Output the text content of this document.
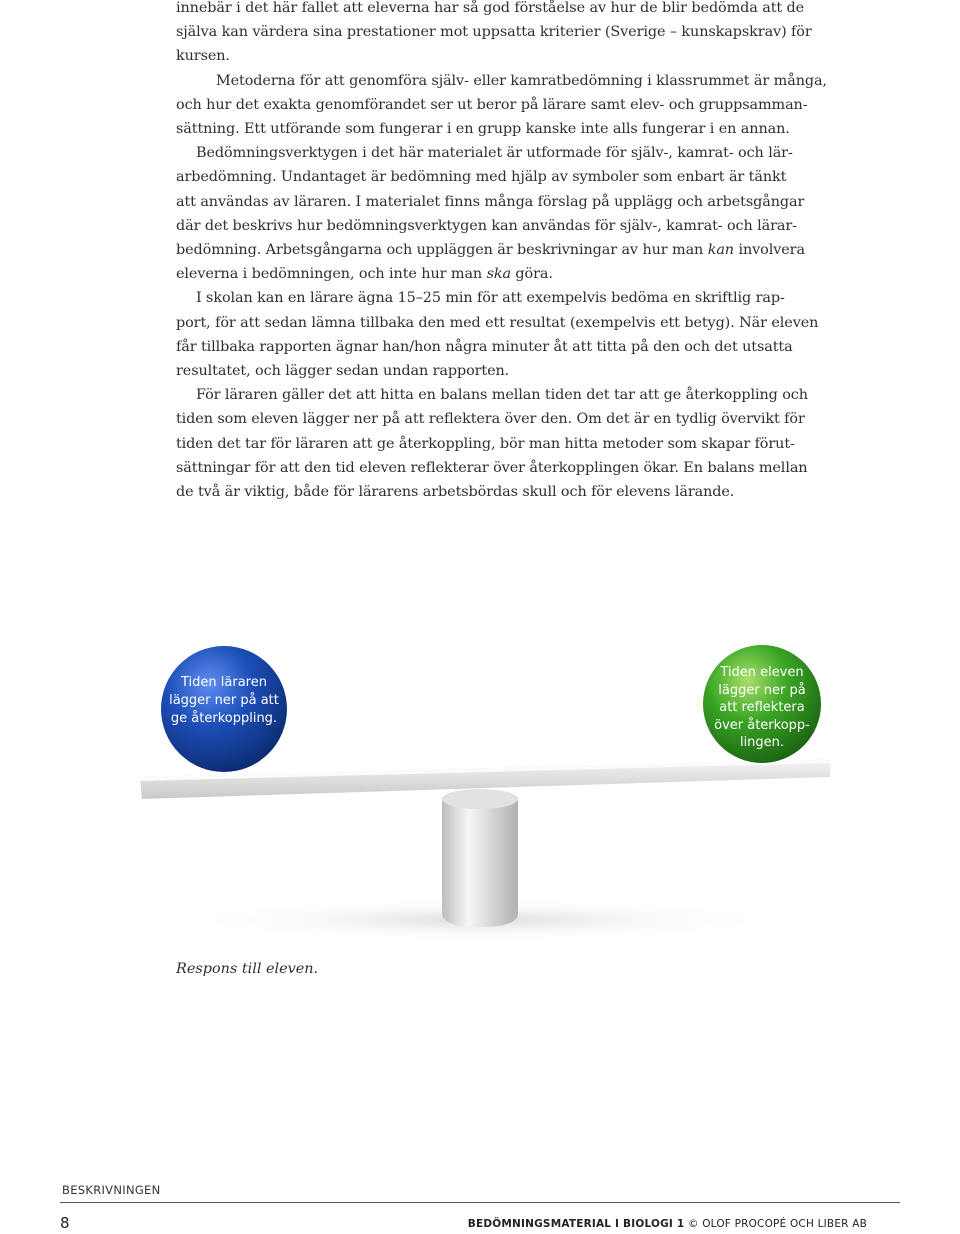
innebär i det här fallet att eleverna har så god förståelse av hur de blir bedömda att de
själva kan värdera sina prestationer mot uppsatta kriterier (Sverige – kunskapskrav) för
kursen.

Metoderna för att genomföra själv- eller kamratbedömning i klassrummet är många,
och hur det exakta genomförandet ser ut beror på lärare samt elev- och gruppsamman-
sättning. Ett utförande som fungerar i en grupp kanske inte alls fungerar i en annan.

Bedömningsverktygen i det här materialet är utformade för själv-, kamrat- och lär-
arbedömning. Undantaget är bedömning med hjälp av symboler som enbart är tänkt
att användas av läraren. I materialet finns många förslag på upplägg och arbetsgångar
där det beskrivs hur bedömningsverktygen kan användas för själv-, kamrat- och lärar-
bedömning. Arbetsgångarna och uppläggen är beskrivningar av hur man kan involvera
eleverna i bedömningen, och inte hur man ska göra.

I skolan kan en lärare ägna 15–25 min för att exempelvis bedöma en skriftlig rap-
port, för att sedan lämna tillbaka den med ett resultat (exempelvis ett betyg). När eleven
får tillbaka rapporten ägnar han/hon några minuter åt att titta på den och det utsatta
resultatet, och lägger sedan undan rapporten.

För läraren gäller det att hitta en balans mellan tiden det tar att ge återkoppling och
tiden som eleven lägger ner på att reflektera över den. Om det är en tydlig övervikt för
tiden det tar för läraren att ge återkoppling, bör man hitta metoder som skapar förut-
sättningar för att den tid eleven reflekterar över återkopplingen ökar. En balans mellan
de två är viktig, både för lärarens arbetsbördas skull och för elevens lärande.

Tiden läraren
lägger ner på att
ge återkoppling.
Tiden eleven
lägger ner på
att reflektera
över återkopp-
lingen.
Respons till eleven.
BESKRIVNINGEN
8	BEDÖMNINGSMATERIAL I BIOLOGI 1 © OLOF PROCOPÉ OCH LIBER AB
